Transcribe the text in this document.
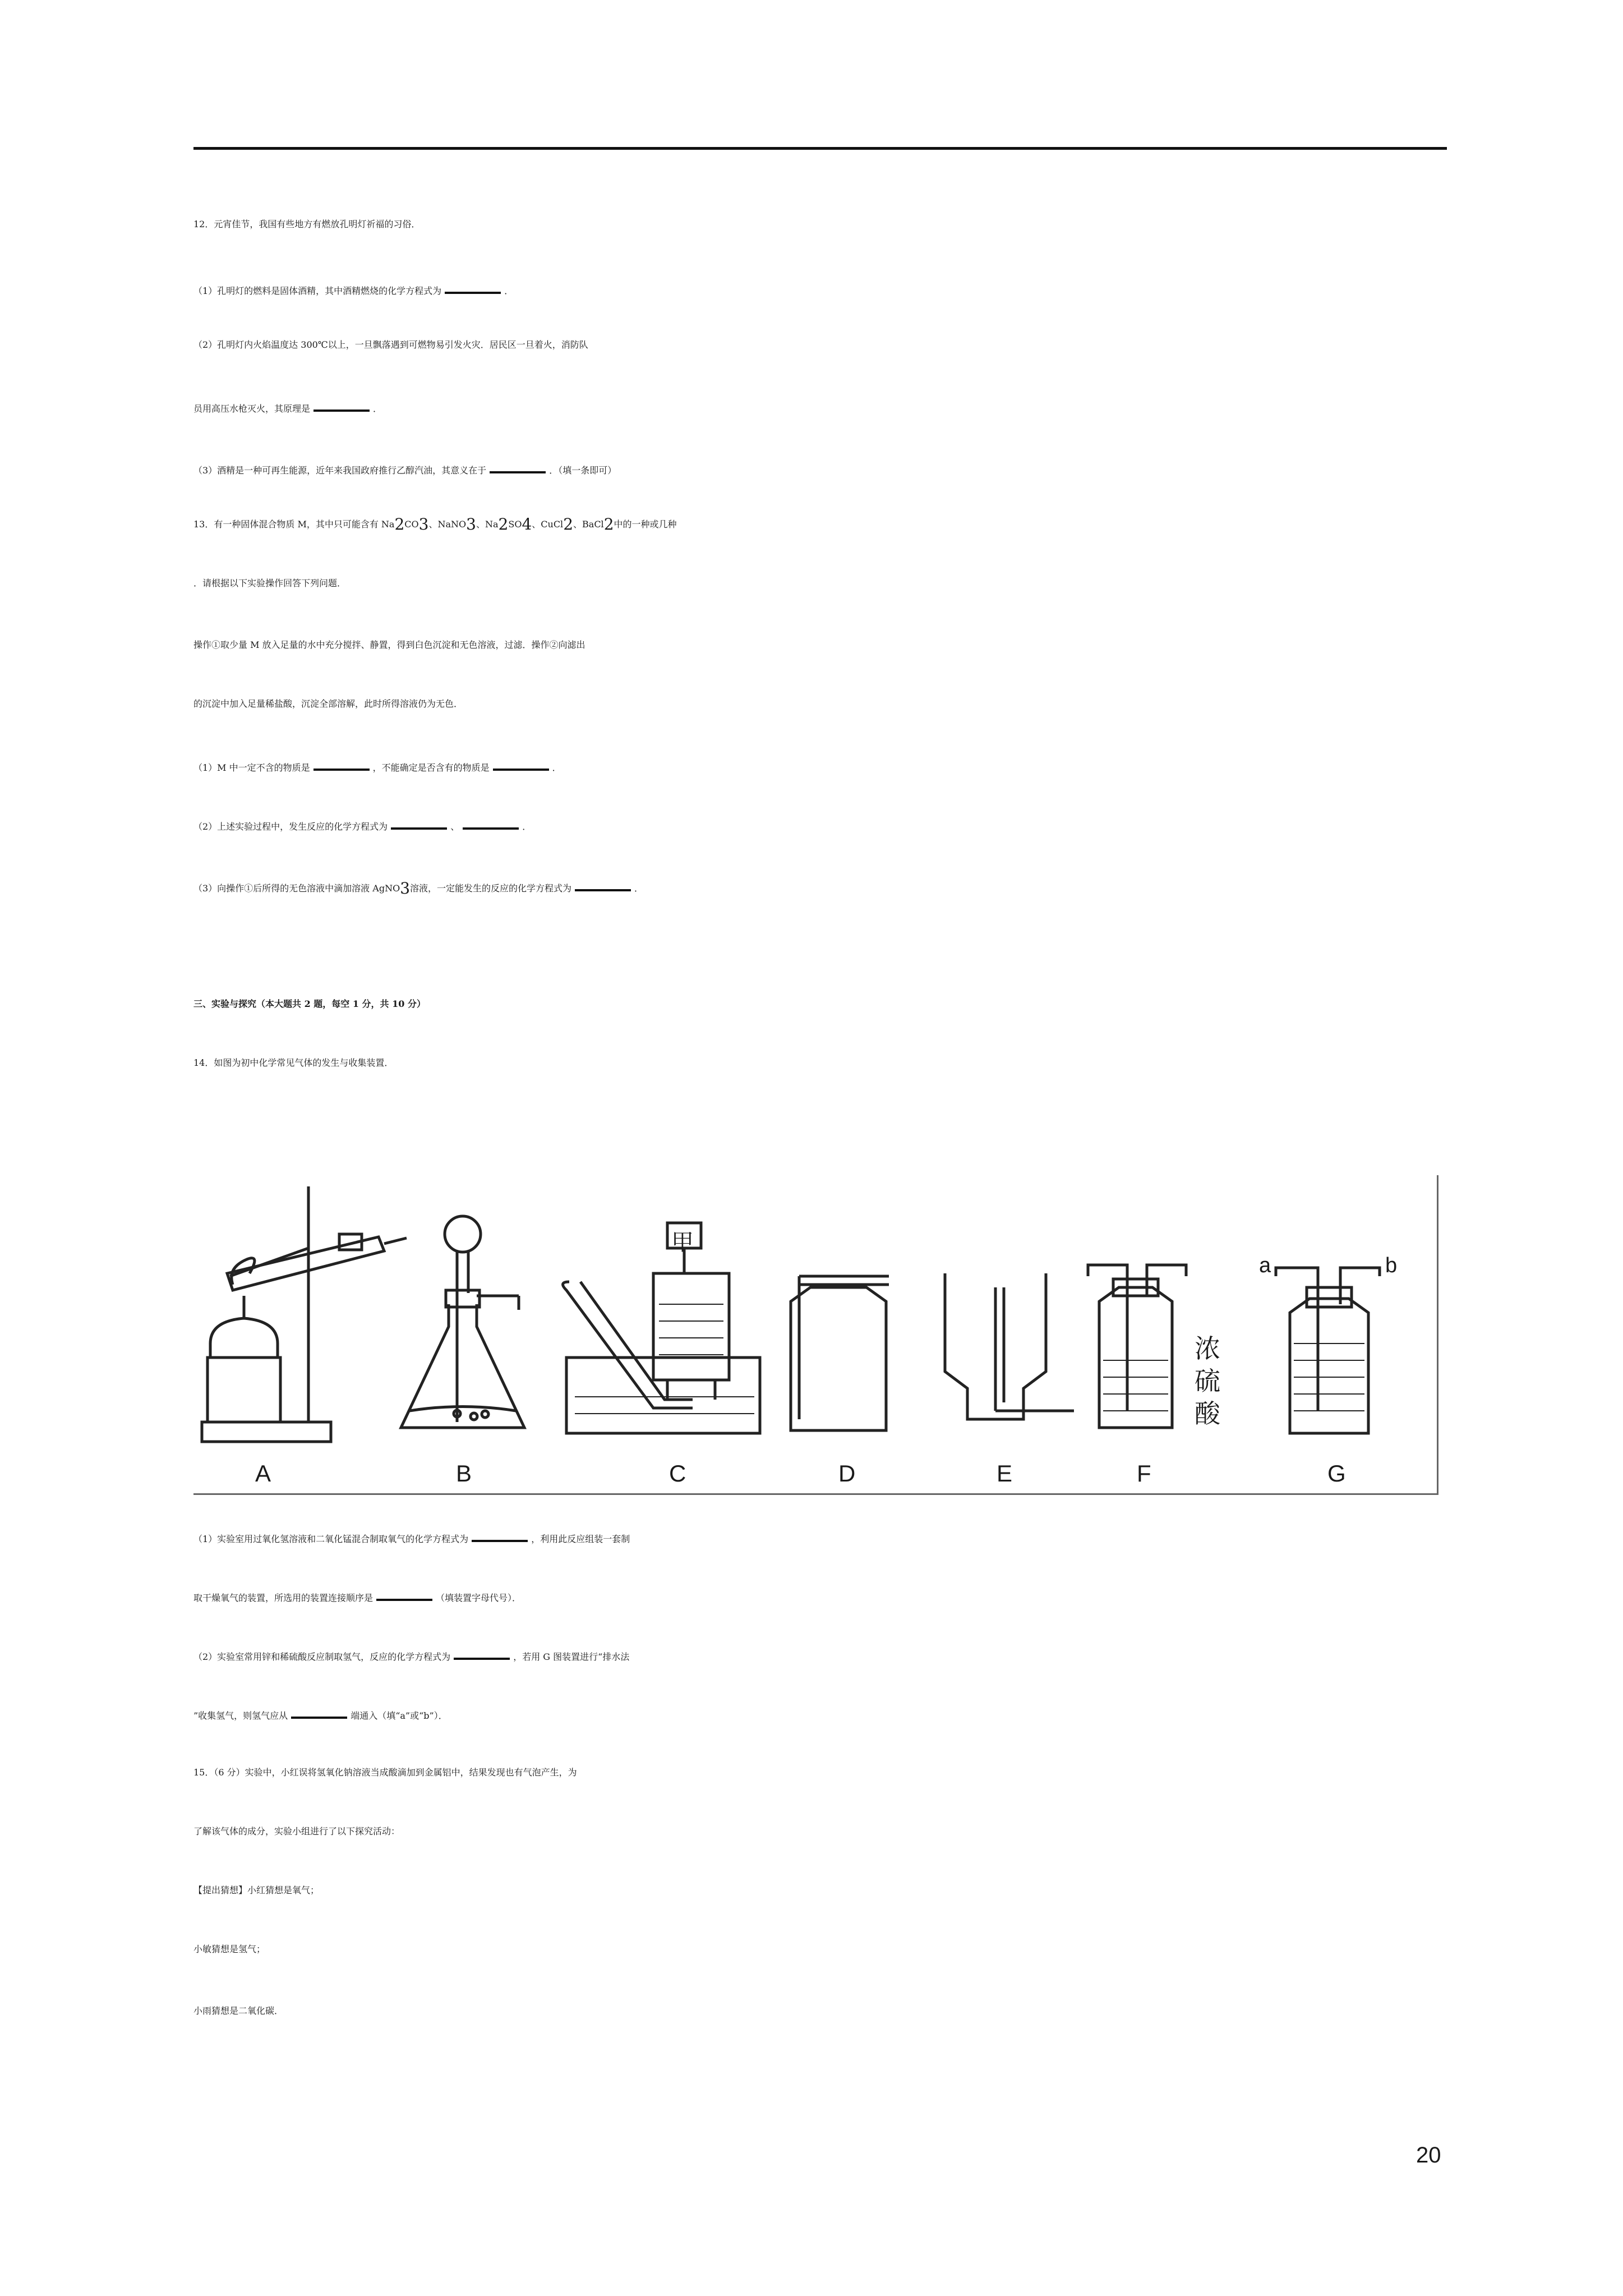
12．元宵佳节，我国有些地方有燃放孔明灯祈福的习俗．
（1）孔明灯的燃料是固体酒精，其中酒精燃烧的化学方程式为	．
（2）孔明灯内火焰温度达 300℃以上，一旦飘落遇到可燃物易引发火灾．居民区一旦着火，消防队
员用高压水枪灭火，其原理是	．
（3）酒精是一种可再生能源，近年来我国政府推行乙醇汽油，其意义在于	．（填一条即可）
13．有一种固体混合物质 M，其中只可能含有 $Na_2CO_3$、NaNO$_3$、$Na_2SO_4$、CuCl$_2$、BaCl$_2$中的一种或几种
．请根据以下实验操作回答下列问题．
操作①取少量 M 放入足量的水中充分搅拌、静置，得到白色沉淀和无色溶液，过滤．操作②向滤出
的沉淀中加入足量稀盐酸，沉淀全部溶解，此时所得溶液仍为无色．
（1）M 中一定不含的物质是	，不能确定是否含有的物质是	．
（2）上述实验过程中，发生反应的化学方程式为	、	．
（3）向操作①后所得的无色溶液中滴加溶液 AgNO$_3$溶液，一定能发生的反应的化学方程式为	．
三、实验与探究（本大题共 2 题，每空 1 分，共 10 分）
14．如图为初中化学常见气体的发生与收集装置．
甲
浓
硫
酸
a	b
A	B	C	D	E	F	G
（1）实验室用过氧化氢溶液和二氧化锰混合制取氧气的化学方程式为	，利用此反应组装一套制
取干燥氧气的装置，所选用的装置连接顺序是	（填装置字母代号）．
（2）实验室常用锌和稀硫酸反应制取氢气，反应的化学方程式为	，若用 G 图装置进行“排水法
”收集氢气，则氢气应从	端通入（填“a”或“b”）．
15．（6 分）实验中，小红误将氢氧化钠溶液当成酸滴加到金属铝中，结果发现也有气泡产生，为
了解该气体的成分，实验小组进行了以下探究活动：
【提出猜想】小红猜想是氧气；
小敏猜想是氢气；
小雨猜想是二氧化碳．
20
